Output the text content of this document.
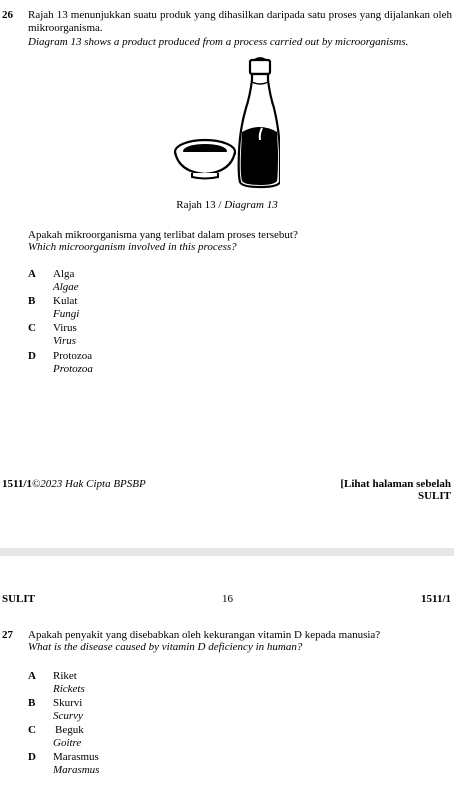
26 Rajah 13 menunjukkan suatu produk yang dihasilkan daripada satu proses yang dijalankan oleh mikroorganisma.
Diagram 13 shows a product produced from a process carried out by microorganisms.
Rajah 13 / Diagram 13
Apakah mikroorganisma yang terlibat dalam proses tersebut?
Which microorganism involved in this process?
A Alga
Algae
B Kulat
Fungi
C Virus
Virus
D Protozoa
Protozoa
1511/1©2023 Hak Cipta BPSBP	[Lihat halaman sebelah
SULIT
SULIT	16	1511/1
27 Apakah penyakit yang disebabkan oleh kekurangan vitamin D kepada manusia?
What is the disease caused by vitamin D deficiency in human?
A Riket
Rickets
B Skurvi
Scurvy
C Beguk
Goitre
D Marasmus
Marasmus
